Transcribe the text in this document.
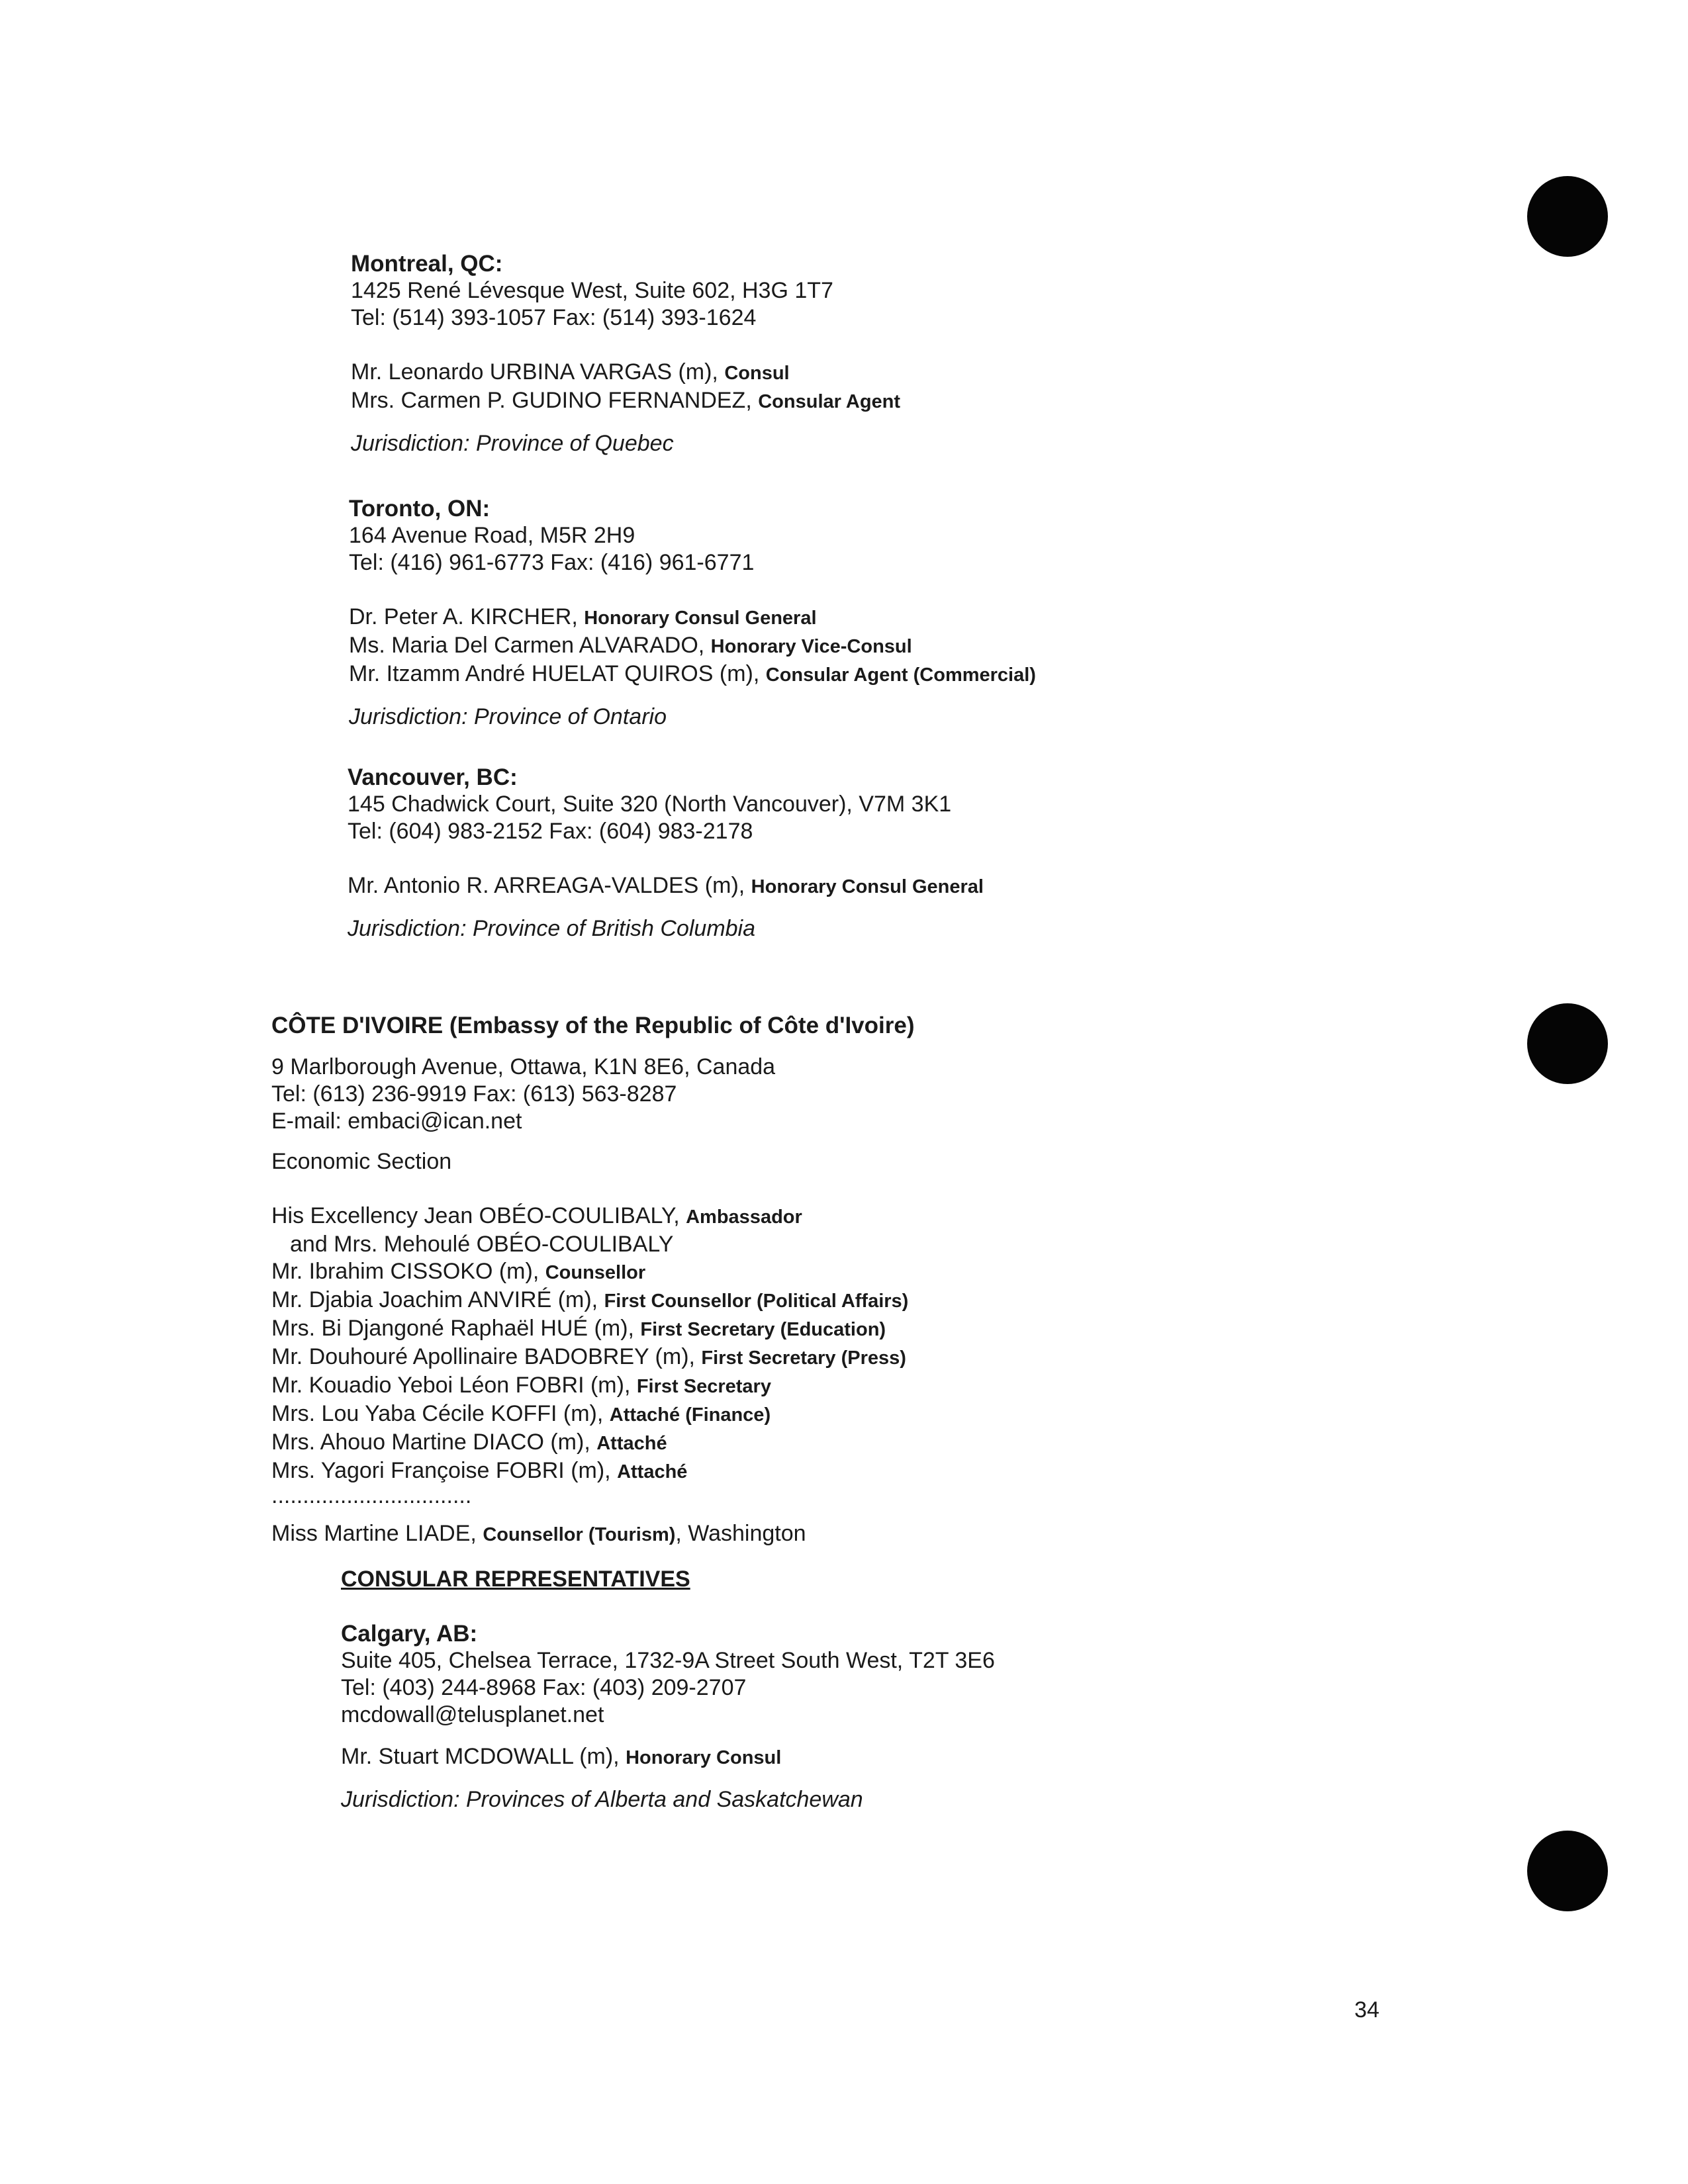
Montreal, QC:
1425 René Lévesque West, Suite 602, H3G 1T7
Tel: (514) 393-1057 Fax: (514) 393-1624
Mr. Leonardo URBINA VARGAS (m), Consul
Mrs. Carmen P. GUDINO FERNANDEZ, Consular Agent
Jurisdiction: Province of Quebec
Toronto, ON:
164 Avenue Road, M5R 2H9
Tel: (416) 961-6773 Fax: (416) 961-6771
Dr. Peter A. KIRCHER, Honorary Consul General
Ms. Maria Del Carmen ALVARADO, Honorary Vice-Consul
Mr. Itzamm André HUELAT QUIROS (m), Consular Agent (Commercial)
Jurisdiction: Province of Ontario
Vancouver, BC:
145 Chadwick Court, Suite 320 (North Vancouver), V7M 3K1
Tel: (604) 983-2152 Fax: (604) 983-2178
Mr. Antonio R. ARREAGA-VALDES (m), Honorary Consul General
Jurisdiction: Province of British Columbia
CÔTE D'IVOIRE (Embassy of the Republic of Côte d'Ivoire)
9 Marlborough Avenue, Ottawa, K1N 8E6, Canada
Tel: (613) 236-9919 Fax: (613) 563-8287
E-mail: embaci@ican.net
Economic Section
His Excellency Jean OBÉO-COULIBALY, Ambassador
and Mrs. Mehoulé OBÉO-COULIBALY
Mr. Ibrahim CISSOKO (m), Counsellor
Mr. Djabia Joachim ANVIRÉ (m), First Counsellor (Political Affairs)
Mrs. Bi Djangoné Raphaël HUÉ (m), First Secretary (Education)
Mr. Douhouré Apollinaire BADOBREY (m), First Secretary (Press)
Mr. Kouadio Yeboi Léon FOBRI (m), First Secretary
Mrs. Lou Yaba Cécile KOFFI (m), Attaché (Finance)
Mrs. Ahouo Martine DIACO (m), Attaché
Mrs. Yagori Françoise FOBRI (m), Attaché
................................
Miss Martine LIADE, Counsellor (Tourism), Washington
CONSULAR REPRESENTATIVES
Calgary, AB:
Suite 405, Chelsea Terrace, 1732-9A Street South West, T2T 3E6
Tel: (403) 244-8968 Fax: (403) 209-2707
mcdowall@telusplanet.net
Mr. Stuart MCDOWALL (m), Honorary Consul
Jurisdiction: Provinces of Alberta and Saskatchewan
34
